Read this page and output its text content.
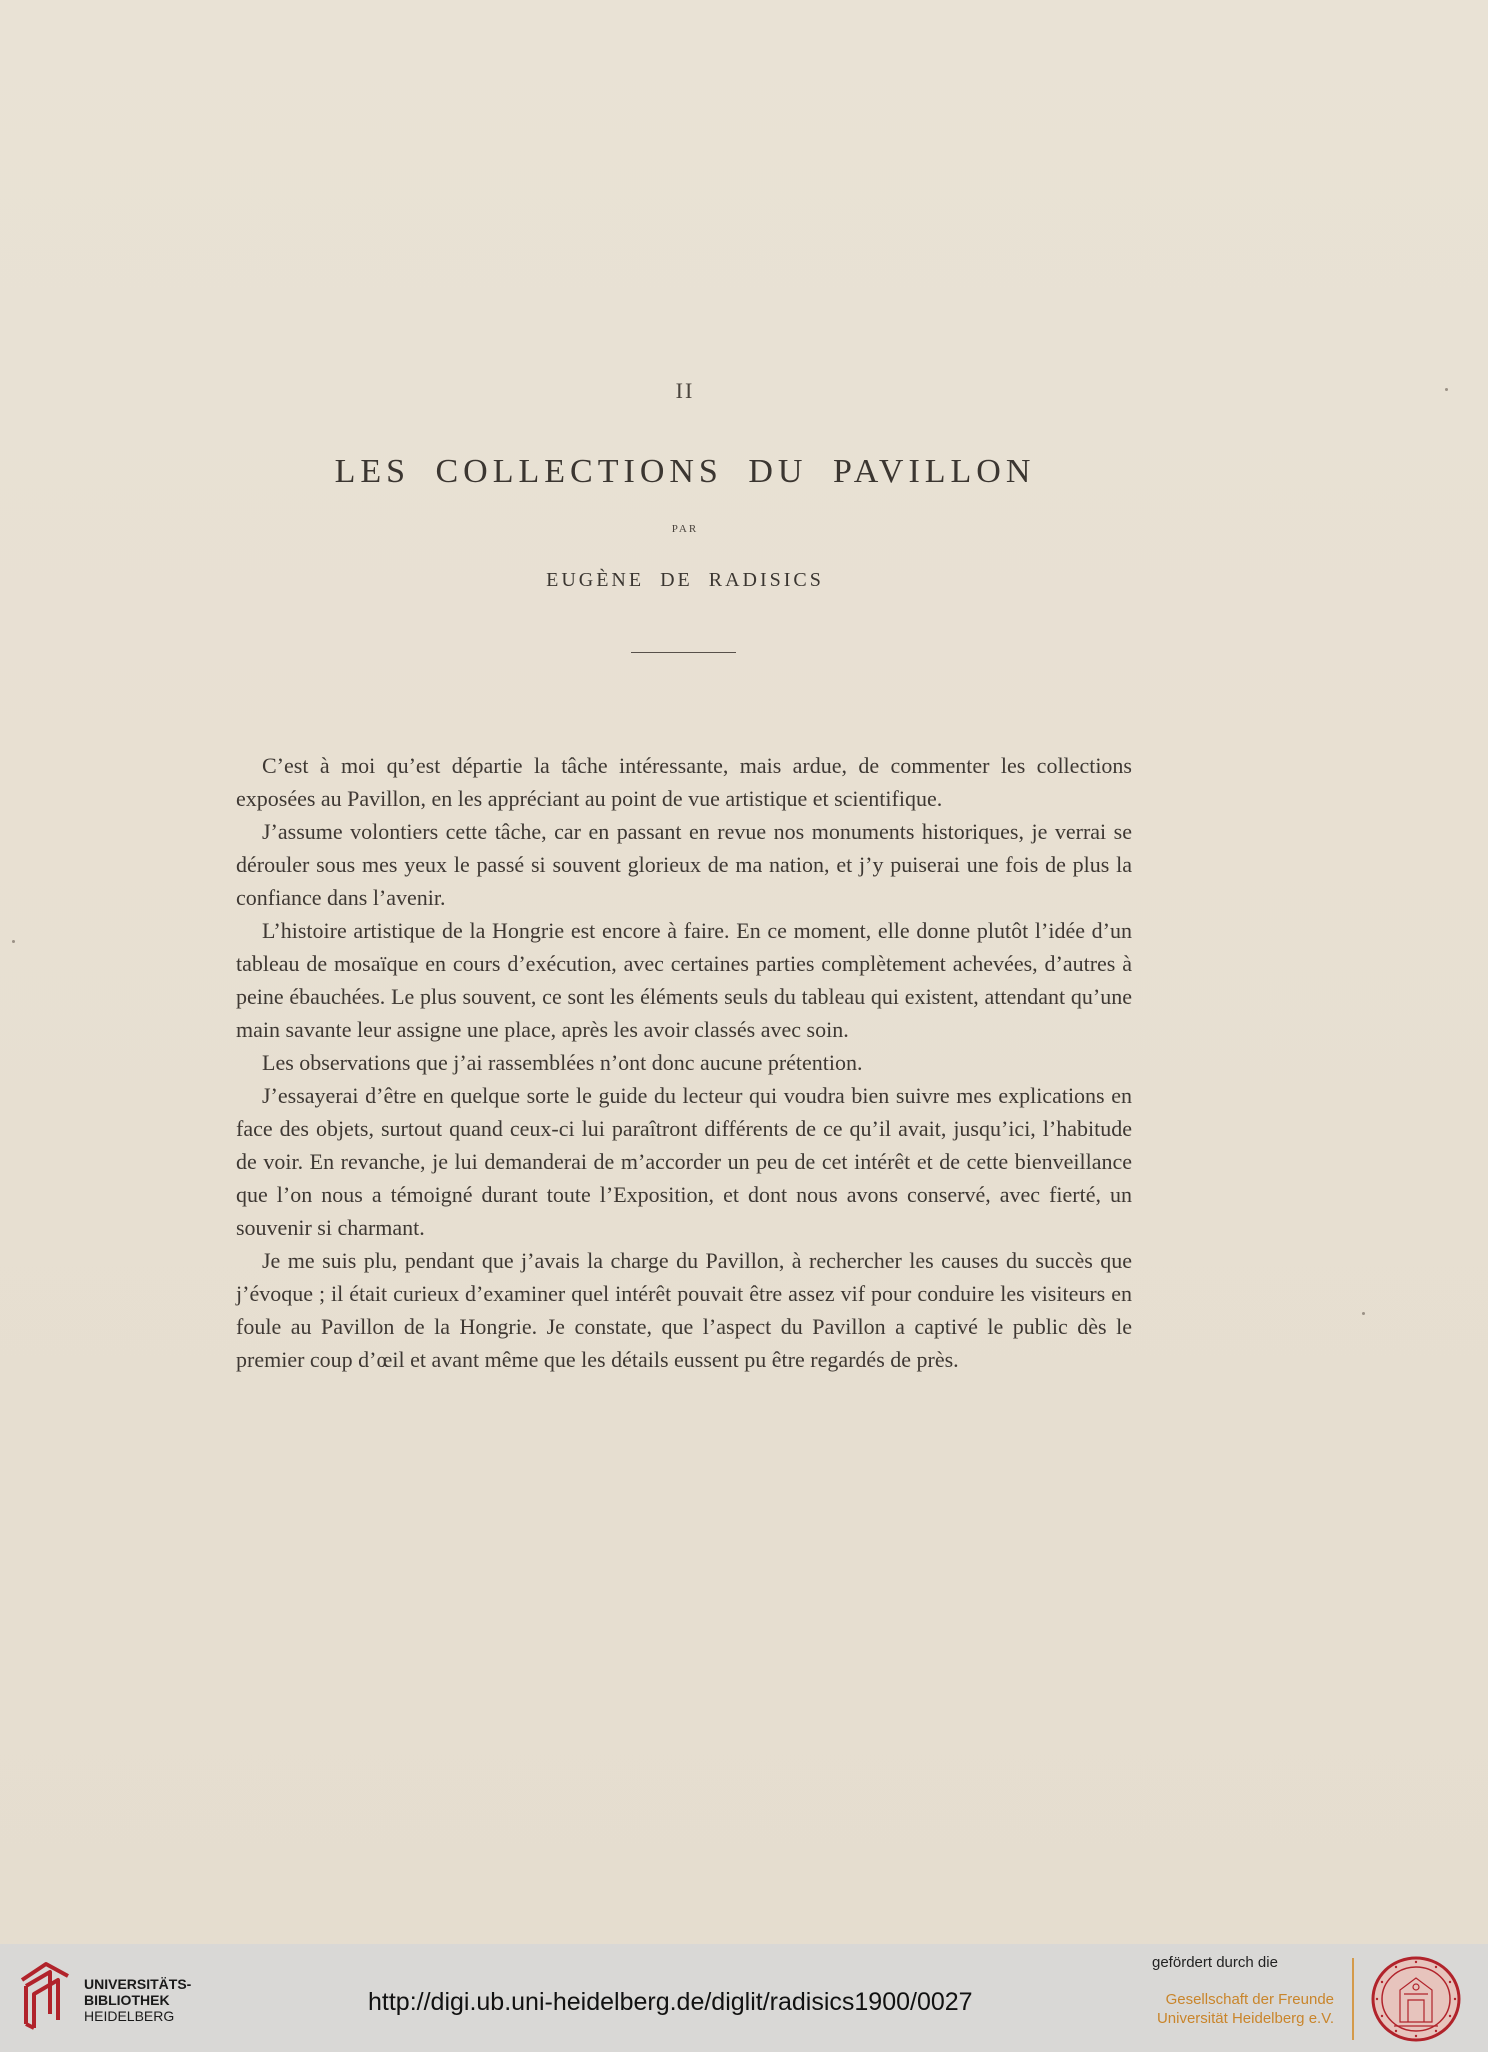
II
LES COLLECTIONS DU PAVILLON
PAR
EUGÈNE DE RADISICS

C’est à moi qu’est départie la tâche intéressante, mais ardue, de commenter les collections exposées au Pavillon, en les appréciant au point de vue artistique et scientifique.

J’assume volontiers cette tâche, car en passant en revue nos monuments historiques, je verrai se dérouler sous mes yeux le passé si souvent glorieux de ma nation, et j’y puiserai une fois de plus la confiance dans l’avenir.

L’histoire artistique de la Hongrie est encore à faire. En ce moment, elle donne plutôt l’idée d’un tableau de mosaïque en cours d’exécution, avec certaines parties complètement achevées, d’autres à peine ébauchées. Le plus souvent, ce sont les éléments seuls du tableau qui existent, attendant qu’une main savante leur assigne une place, après les avoir classés avec soin.

Les observations que j’ai rassemblées n’ont donc aucune prétention.

J’essayerai d’être en quelque sorte le guide du lecteur qui voudra bien suivre mes explications en face des objets, surtout quand ceux-ci lui paraîtront différents de ce qu’il avait, jusqu’ici, l’habitude de voir. En revanche, je lui demanderai de m’accorder un peu de cet intérêt et de cette bienveillance que l’on nous a témoigné durant toute l’Exposition, et dont nous avons conservé, avec fierté, un souvenir si charmant.

Je me suis plu, pendant que j’avais la charge du Pavillon, à rechercher les causes du succès que j’évoque ; il était curieux d’examiner quel intérêt pouvait être assez vif pour conduire les visiteurs en foule au Pavillon de la Hongrie. Je constate, que l’aspect du Pavillon a captivé le public dès le premier coup d’œil et avant même que les détails eussent pu être regardés de près.

UNIVERSITÄTS-
BIBLIOTHEK
HEIDELBERG	http://digi.ub.uni-heidelberg.de/diglit/radisics1900/0027
gefördert durch die
Gesellschaft der Freunde
Universität Heidelberg e.V.
